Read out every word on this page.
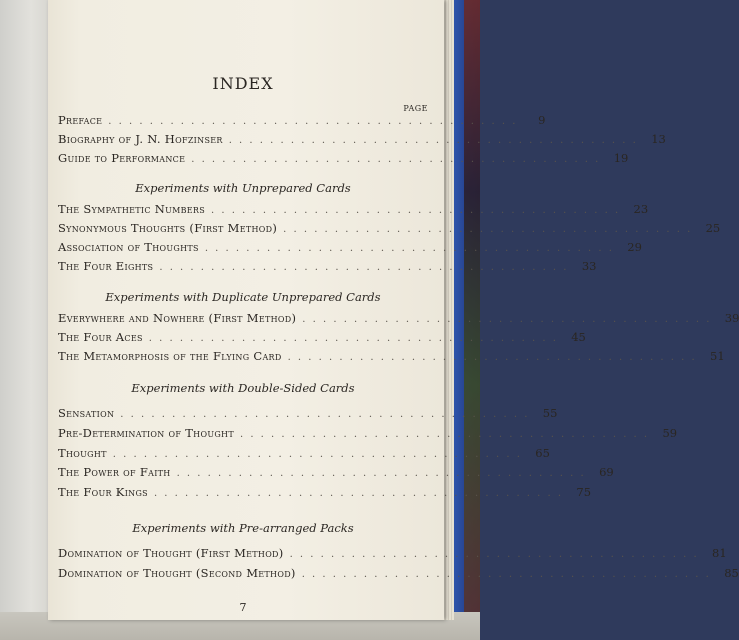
INDEX
PAGE
Preface . . . . . . . . . . . . . . . . . . . . . . . . . . . . . . . . . . . . . . . .	9
Biography of J. N. Hofzinser . . . . . . . . . . . . . . . . . . . . . . . . . . . . . . . . . . . . . . . .	13
Guide to Performance . . . . . . . . . . . . . . . . . . . . . . . . . . . . . . . . . . . . . . . .	19
Experiments with Unprepared Cards
The Sympathetic Numbers . . . . . . . . . . . . . . . . . . . . . . . . . . . . . . . . . . . . . . . .	23
Synonymous Thoughts (First Method) . . . . . . . . . . . . . . . . . . . . . . . . . . . . . . . . . . . . . . . .	25
Association of Thoughts . . . . . . . . . . . . . . . . . . . . . . . . . . . . . . . . . . . . . . . .	29
The Four Eights . . . . . . . . . . . . . . . . . . . . . . . . . . . . . . . . . . . . . . . .	33
Experiments with Duplicate Unprepared Cards
Everywhere and Nowhere (First Method) . . . . . . . . . . . . . . . . . . . . . . . . . . . . . . . . . . . . . . . .	39
The Four Aces . . . . . . . . . . . . . . . . . . . . . . . . . . . . . . . . . . . . . . . .	45
The Metamorphosis of the Flying Card . . . . . . . . . . . . . . . . . . . . . . . . . . . . . . . . . . . . . . . .	51
Experiments with Double-Sided Cards
Sensation . . . . . . . . . . . . . . . . . . . . . . . . . . . . . . . . . . . . . . . .	55
Pre-Determination of Thought . . . . . . . . . . . . . . . . . . . . . . . . . . . . . . . . . . . . . . . .	59
Thought . . . . . . . . . . . . . . . . . . . . . . . . . . . . . . . . . . . . . . . .	65
The Power of Faith . . . . . . . . . . . . . . . . . . . . . . . . . . . . . . . . . . . . . . . .	69
The Four Kings . . . . . . . . . . . . . . . . . . . . . . . . . . . . . . . . . . . . . . . .	75
Experiments with Pre-arranged Packs
Domination of Thought (First Method) . . . . . . . . . . . . . . . . . . . . . . . . . . . . . . . . . . . . . . . .	81
Domination of Thought (Second Method) . . . . . . . . . . . . . . . . . . . . . . . . . . . . . . . . . . . . . . . .	85
7
